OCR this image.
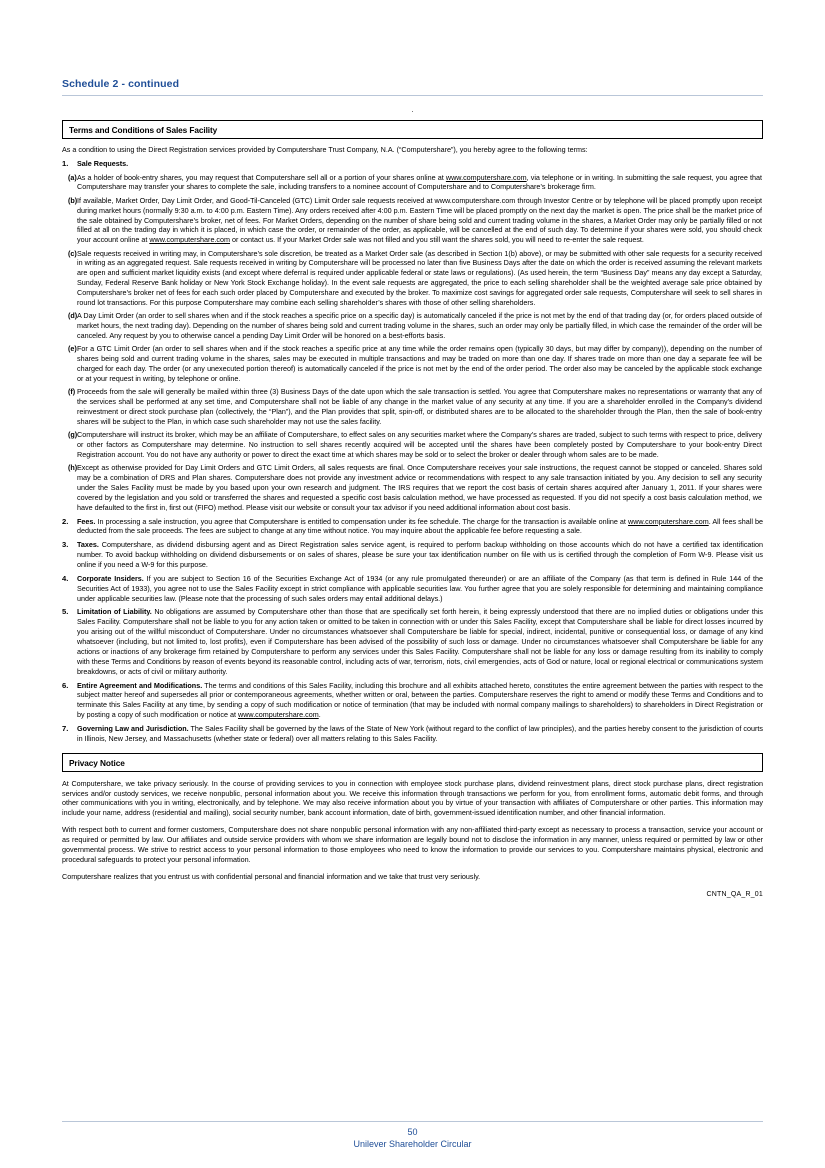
Schedule 2 - continued
.
Terms and Conditions of Sales Facility
As a condition to using the Direct Registration services provided by Computershare Trust Company, N.A. (“Computershare”), you hereby agree to the following terms:
1.	Sale Requests.
(a) As a holder of book-entry shares, you may request that Computershare sell all or a portion of your shares online at www.computershare.com, via telephone or in writing. In submitting the sale request, you agree that Computershare may transfer your shares to complete the sale, including transfers to a nominee account of Computershare and to Computershare’s brokerage firm.
(b) If available, Market Order, Day Limit Order, and Good-Til-Canceled (GTC) Limit Order sale requests received at www.computershare.com through Investor Centre or by telephone will be placed promptly upon receipt during market hours (normally 9:30 a.m. to 4:00 p.m. Eastern Time). Any orders received after 4:00 p.m. Eastern Time will be placed promptly on the next day the market is open. The price shall be the market price of the sale obtained by Computershare’s broker, net of fees. For Market Orders, depending on the number of share being sold and current trading volume in the shares, a Market Order may only be partially filled or not filled at all on the trading day in which it is placed, in which case the order, or remainder of the order, as applicable, will be cancelled at the end of such day. To determine if your shares were sold, you should check your account online at www.computershare.com or contact us. If your Market Order sale was not filled and you still want the shares sold, you will need to re-enter the sale request.
(c) Sale requests received in writing may, in Computershare’s sole discretion, be treated as a Market Order sale (as described in Section 1(b) above), or may be submitted with other sale requests for a security received in writing as an aggregated request. Sale requests received in writing by Computershare will be processed no later than five Business Days after the date on which the order is received assuming the relevant markets are open and sufficient market liquidity exists (and except where deferral is required under applicable federal or state laws or regulations). (As used herein, the term “Business Day” means any day except a Saturday, Sunday, Federal Reserve Bank holiday or New York Stock Exchange holiday). In the event sale requests are aggregated, the price to each selling shareholder shall be the weighted average sale price obtained by Computershare’s broker net of fees for each such order placed by Computershare and executed by the broker. To maximize cost savings for aggregated order sale requests, Computershare will seek to sell shares in round lot transactions. For this purpose Computershare may combine each selling shareholder’s shares with those of other selling shareholders.
(d) A Day Limit Order (an order to sell shares when and if the stock reaches a specific price on a specific day) is automatically canceled if the price is not met by the end of that trading day (or, for orders placed outside of market hours, the next trading day). Depending on the number of shares being sold and current trading volume in the shares, such an order may only be partially filled, in which case the remainder of the order will be canceled. Any request by you to otherwise cancel a pending Day Limit Order will be honored on a best-efforts basis.
(e) For a GTC Limit Order (an order to sell shares when and if the stock reaches a specific price at any time while the order remains open (typically 30 days, but may differ by company)), depending on the number of shares being sold and current trading volume in the shares, sales may be executed in multiple transactions and may be traded on more than one day. If shares trade on more than one day a separate fee will be charged for each day. The order (or any unexecuted portion thereof) is automatically canceled if the price is not met by the end of the order period. The order also may be canceled by the applicable stock exchange or at your request in writing, by telephone or online.
(f) Proceeds from the sale will generally be mailed within three (3) Business Days of the date upon which the sale transaction is settled. You agree that Computershare makes no representations or warranty that any of the services shall be performed at any set time, and Computershare shall not be liable of any change in the market value of any security at any time. If you are a shareholder enrolled in the Company’s dividend reinvestment or direct stock purchase plan (collectively, the “Plan”), and the Plan provides that split, spin-off, or distributed shares are to be allocated to the shareholder through the Plan, then the sale of book-entry shares will be subject to the Plan, in which case such shareholder may not use the sales facility.
(g) Computershare will instruct its broker, which may be an affiliate of Computershare, to effect sales on any securities market where the Company’s shares are traded, subject to such terms with respect to price, delivery or other factors as Computershare may determine. No instruction to sell shares recently acquired will be accepted until the shares have been completely posted by Computershare to your book-entry Direct Registration account. You do not have any authority or power to direct the exact time at which shares may be sold or to select the broker or dealer through whom sales are to be made.
(h) Except as otherwise provided for Day Limit Orders and GTC Limit Orders, all sales requests are final. Once Computershare receives your sale instructions, the request cannot be stopped or canceled. Shares sold may be a combination of DRS and Plan shares. Computershare does not provide any investment advice or recommendations with respect to any sale transaction initiated by you. Any decision to sell any security under the Sales Facility must be made by you based upon your own research and judgment. The IRS requires that we report the cost basis of certain shares acquired after January 1, 2011. If your shares were covered by the legislation and you sold or transferred the shares and requested a specific cost basis calculation method, we have processed as requested. If you did not specify a cost basis calculation method, we have defaulted to the first in, first out (FIFO) method. Please visit our website or consult your tax advisor if you need additional information about cost basis.
2.	Fees. In processing a sale instruction, you agree that Computershare is entitled to compensation under its fee schedule. The charge for the transaction is available online at www.computershare.com. All fees shall be deducted from the sale proceeds. The fees are subject to change at any time without notice. You may inquire about the applicable fee before requesting a sale.
3.	Taxes. Computershare, as dividend disbursing agent and as Direct Registration sales service agent, is required to perform backup withholding on those accounts which do not have a certified tax identification number. To avoid backup withholding on dividend disbursements or on sales of shares, please be sure your tax identification number on file with us is certified through the completion of Form W-9. Please visit us online if you need a W-9 for this purpose.
4.	Corporate Insiders. If you are subject to Section 16 of the Securities Exchange Act of 1934 (or any rule promulgated thereunder) or are an affiliate of the Company (as that term is defined in Rule 144 of the Securities Act of 1933), you agree not to use the Sales Facility except in strict compliance with applicable securities law. You further agree that you are solely responsible for determining and maintaining compliance under applicable securities law. (Please note that the processing of such sales orders may entail additional delays.)
5.	Limitation of Liability. No obligations are assumed by Computershare other than those that are specifically set forth herein, it being expressly understood that there are no implied duties or obligations under this Sales Facility. Computershare shall not be liable to you for any action taken or omitted to be taken in connection with or under this Sales Facility, except that Computershare shall be liable for direct losses incurred by you arising out of the willful misconduct of Computershare. Under no circumstances whatsoever shall Computershare be liable for special, indirect, incidental, punitive or consequential loss, or damage of any kind whatsoever (including, but not limited to, lost profits), even if Computershare has been advised of the possibility of such loss or damage. Under no circumstances whatsoever shall Computershare be liable for any actions or inactions of any brokerage firm retained by Computershare to perform any services under this Sales Facility. Computershare shall not be liable for any loss or damage resulting from its inability to comply with these Terms and Conditions by reason of events beyond its reasonable control, including acts of war, terrorism, riots, civil emergencies, acts of God or nature, local or regional electrical or communications system breakdowns, or acts of civil or military authority.
6.	Entire Agreement and Modifications. The terms and conditions of this Sales Facility, including this brochure and all exhibits attached hereto, constitutes the entire agreement between the parties with respect to the subject matter hereof and supersedes all prior or contemporaneous agreements, whether written or oral, between the parties. Computershare reserves the right to amend or modify these Terms and Conditions and to terminate this Sales Facility at any time, by sending a copy of such modification or notice of termination (that may be included with normal company mailings to shareholders) to shareholders in Direct Registration or by posting a copy of such modification or notice at www.computershare.com.
7.	Governing Law and Jurisdiction. The Sales Facility shall be governed by the laws of the State of New York (without regard to the conflict of law principles), and the parties hereby consent to the jurisdiction of courts in Illinois, New Jersey, and Massachusetts (whether state or federal) over all matters relating to this Sales Facility.
Privacy Notice
At Computershare, we take privacy seriously. In the course of providing services to you in connection with employee stock purchase plans, dividend reinvestment plans, direct stock purchase plans, direct registration services and/or custody services, we receive nonpublic, personal information about you. We receive this information through transactions we perform for you, from enrollment forms, automatic debit forms, and through other communications with you in writing, electronically, and by telephone. We may also receive information about you by virtue of your transaction with affiliates of Computershare or other parties. This information may include your name, address (residential and mailing), social security number, bank account information, date of birth, government-issued identification number, and other financial information.
With respect both to current and former customers, Computershare does not share nonpublic personal information with any non-affiliated third-party except as necessary to process a transaction, service your account or as required or permitted by law. Our affiliates and outside service providers with whom we share information are legally bound not to disclose the information in any manner, unless required or permitted by law or other governmental process. We strive to restrict access to your personal information to those employees who need to know the information to provide our services to you. Computershare maintains physical, electronic and procedural safeguards to protect your personal information.
Computershare realizes that you entrust us with confidential personal and financial information and we take that trust very seriously.
CNTN_QA_R_01
50
Unilever Shareholder Circular
